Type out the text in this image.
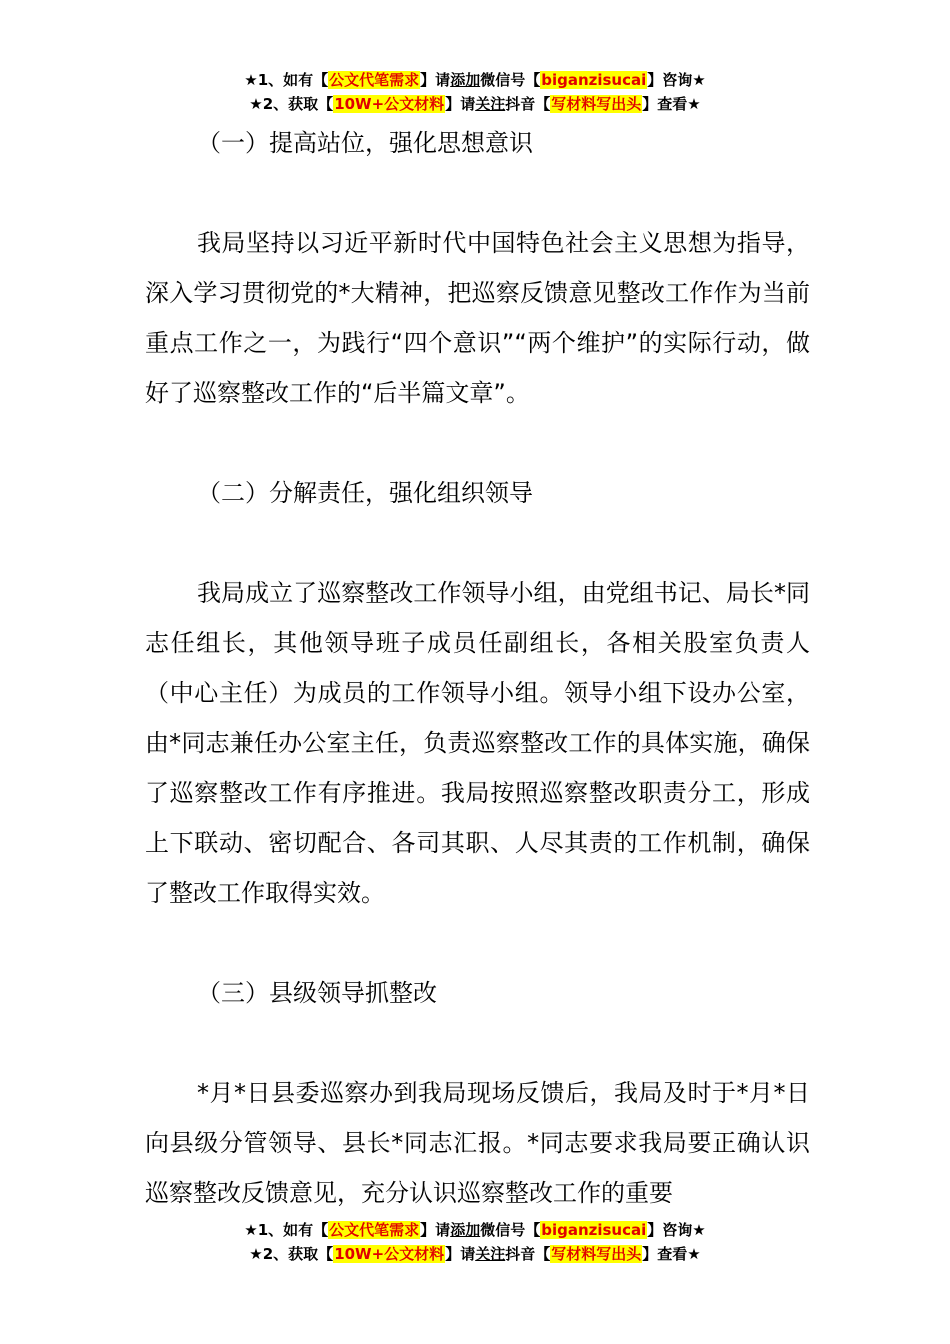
★1、如有【公文代笔需求】请添加微信号【biganzisucai】咨询★
★2、获取【10W+公文材料】请关注抖音【写材料写出头】查看★

（一）提高站位，强化思想意识

我局坚持以习近平新时代中国特色社会主义思想为指导，深入学习贯彻党的*大精神，把巡察反馈意见整改工作作为当前重点工作之一，为践行“四个意识”“两个维护”的实际行动，做好了巡察整改工作的“后半篇文章”。

（二）分解责任，强化组织领导

我局成立了巡察整改工作领导小组，由党组书记、局长*同志任组长，其他领导班子成员任副组长，各相关股室负责人（中心主任）为成员的工作领导小组。领导小组下设办公室，由*同志兼任办公室主任，负责巡察整改工作的具体实施，确保了巡察整改工作有序推进。我局按照巡察整改职责分工，形成上下联动、密切配合、各司其职、人尽其责的工作机制，确保了整改工作取得实效。

（三）县级领导抓整改

*月*日县委巡察办到我局现场反馈后，我局及时于*月*日向县级分管领导、县长*同志汇报。*同志要求我局要正确认识巡察整改反馈意见，充分认识巡察整改工作的重要

★1、如有【公文代笔需求】请添加微信号【biganzisucai】咨询★
★2、获取【10W+公文材料】请关注抖音【写材料写出头】查看★
